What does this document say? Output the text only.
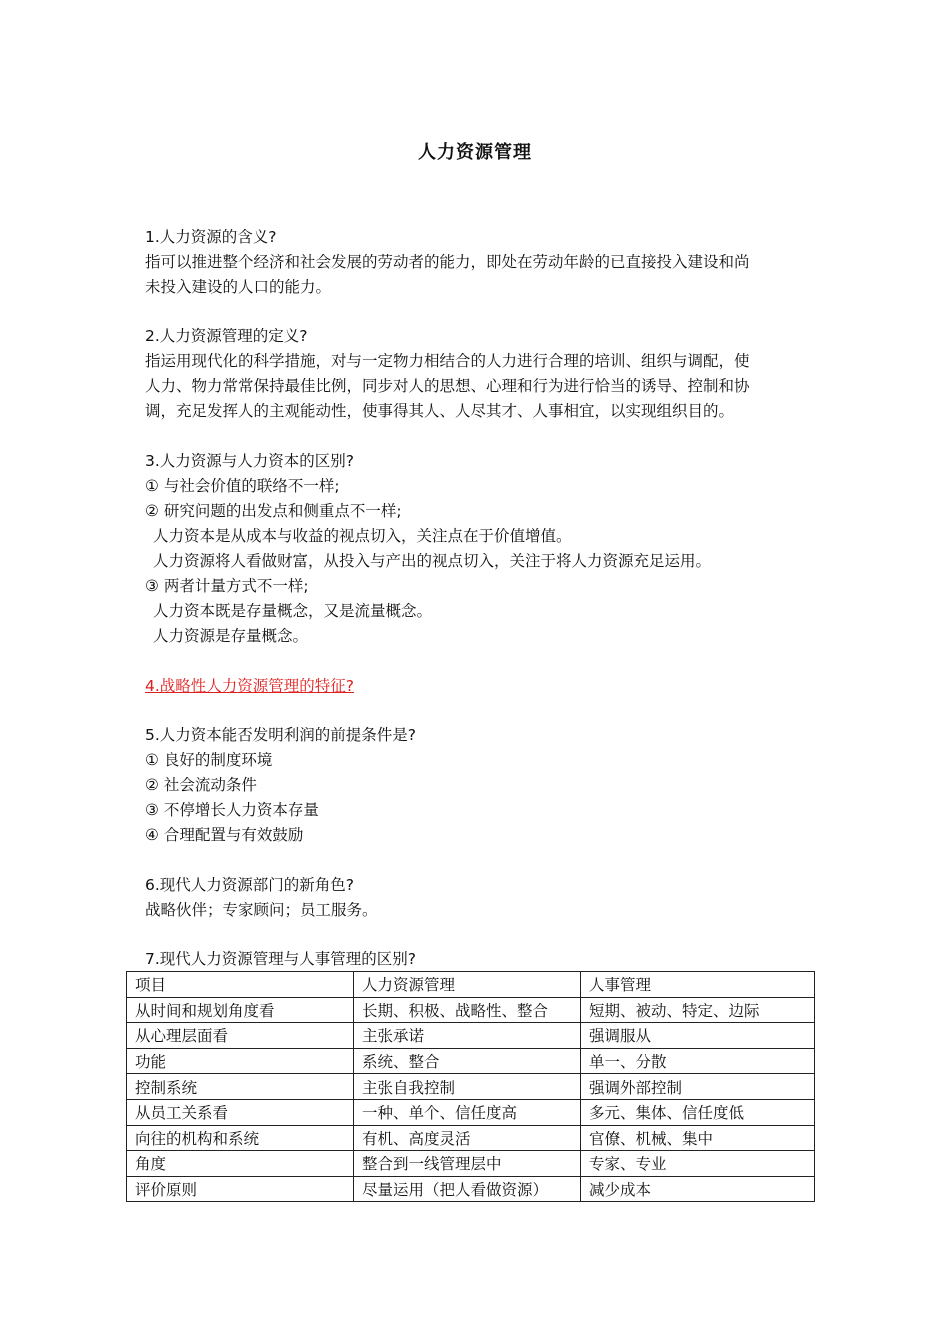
人力资源管理
1.人力资源的含义?
指可以推进整个经济和社会发展的劳动者的能力，即处在劳动年龄的已直接投入建设和尚
未投入建设的人口的能力。
2.人力资源管理的定义?
指运用现代化的科学措施，对与一定物力相结合的人力进行合理的培训、组织与调配，使
人力、物力常常保持最佳比例，同步对人的思想、心理和行为进行恰当的诱导、控制和协
调，充足发挥人的主观能动性，使事得其人、人尽其才、人事相宜，以实现组织目的。
3.人力资源与人力资本的区别?
① 与社会价值的联络不一样;
② 研究问题的出发点和侧重点不一样;
人力资本是从成本与收益的视点切入，关注点在于价值增值。
人力资源将人看做财富，从投入与产出的视点切入，关注于将人力资源充足运用。
③ 两者计量方式不一样;
人力资本既是存量概念，又是流量概念。
人力资源是存量概念。
4.战略性人力资源管理的特征?
5.人力资本能否发明利润的前提条件是?
① 良好的制度环境
② 社会流动条件
③ 不停增长人力资本存量
④ 合理配置与有效鼓励
6.现代人力资源部门的新角色?
战略伙伴；专家顾问；员工服务。
7.现代人力资源管理与人事管理的区别?
项目	人力资源管理	人事管理
从时间和规划角度看	长期、积极、战略性、整合	短期、被动、特定、边际
从心理层面看	主张承诺	强调服从
功能	系统、整合	单一、分散
控制系统	主张自我控制	强调外部控制
从员工关系看	一种、单个、信任度高	多元、集体、信任度低
向往的机构和系统	有机、高度灵活	官僚、机械、集中
角度	整合到一线管理层中	专家、专业
评价原则	尽量运用（把人看做资源）	减少成本
